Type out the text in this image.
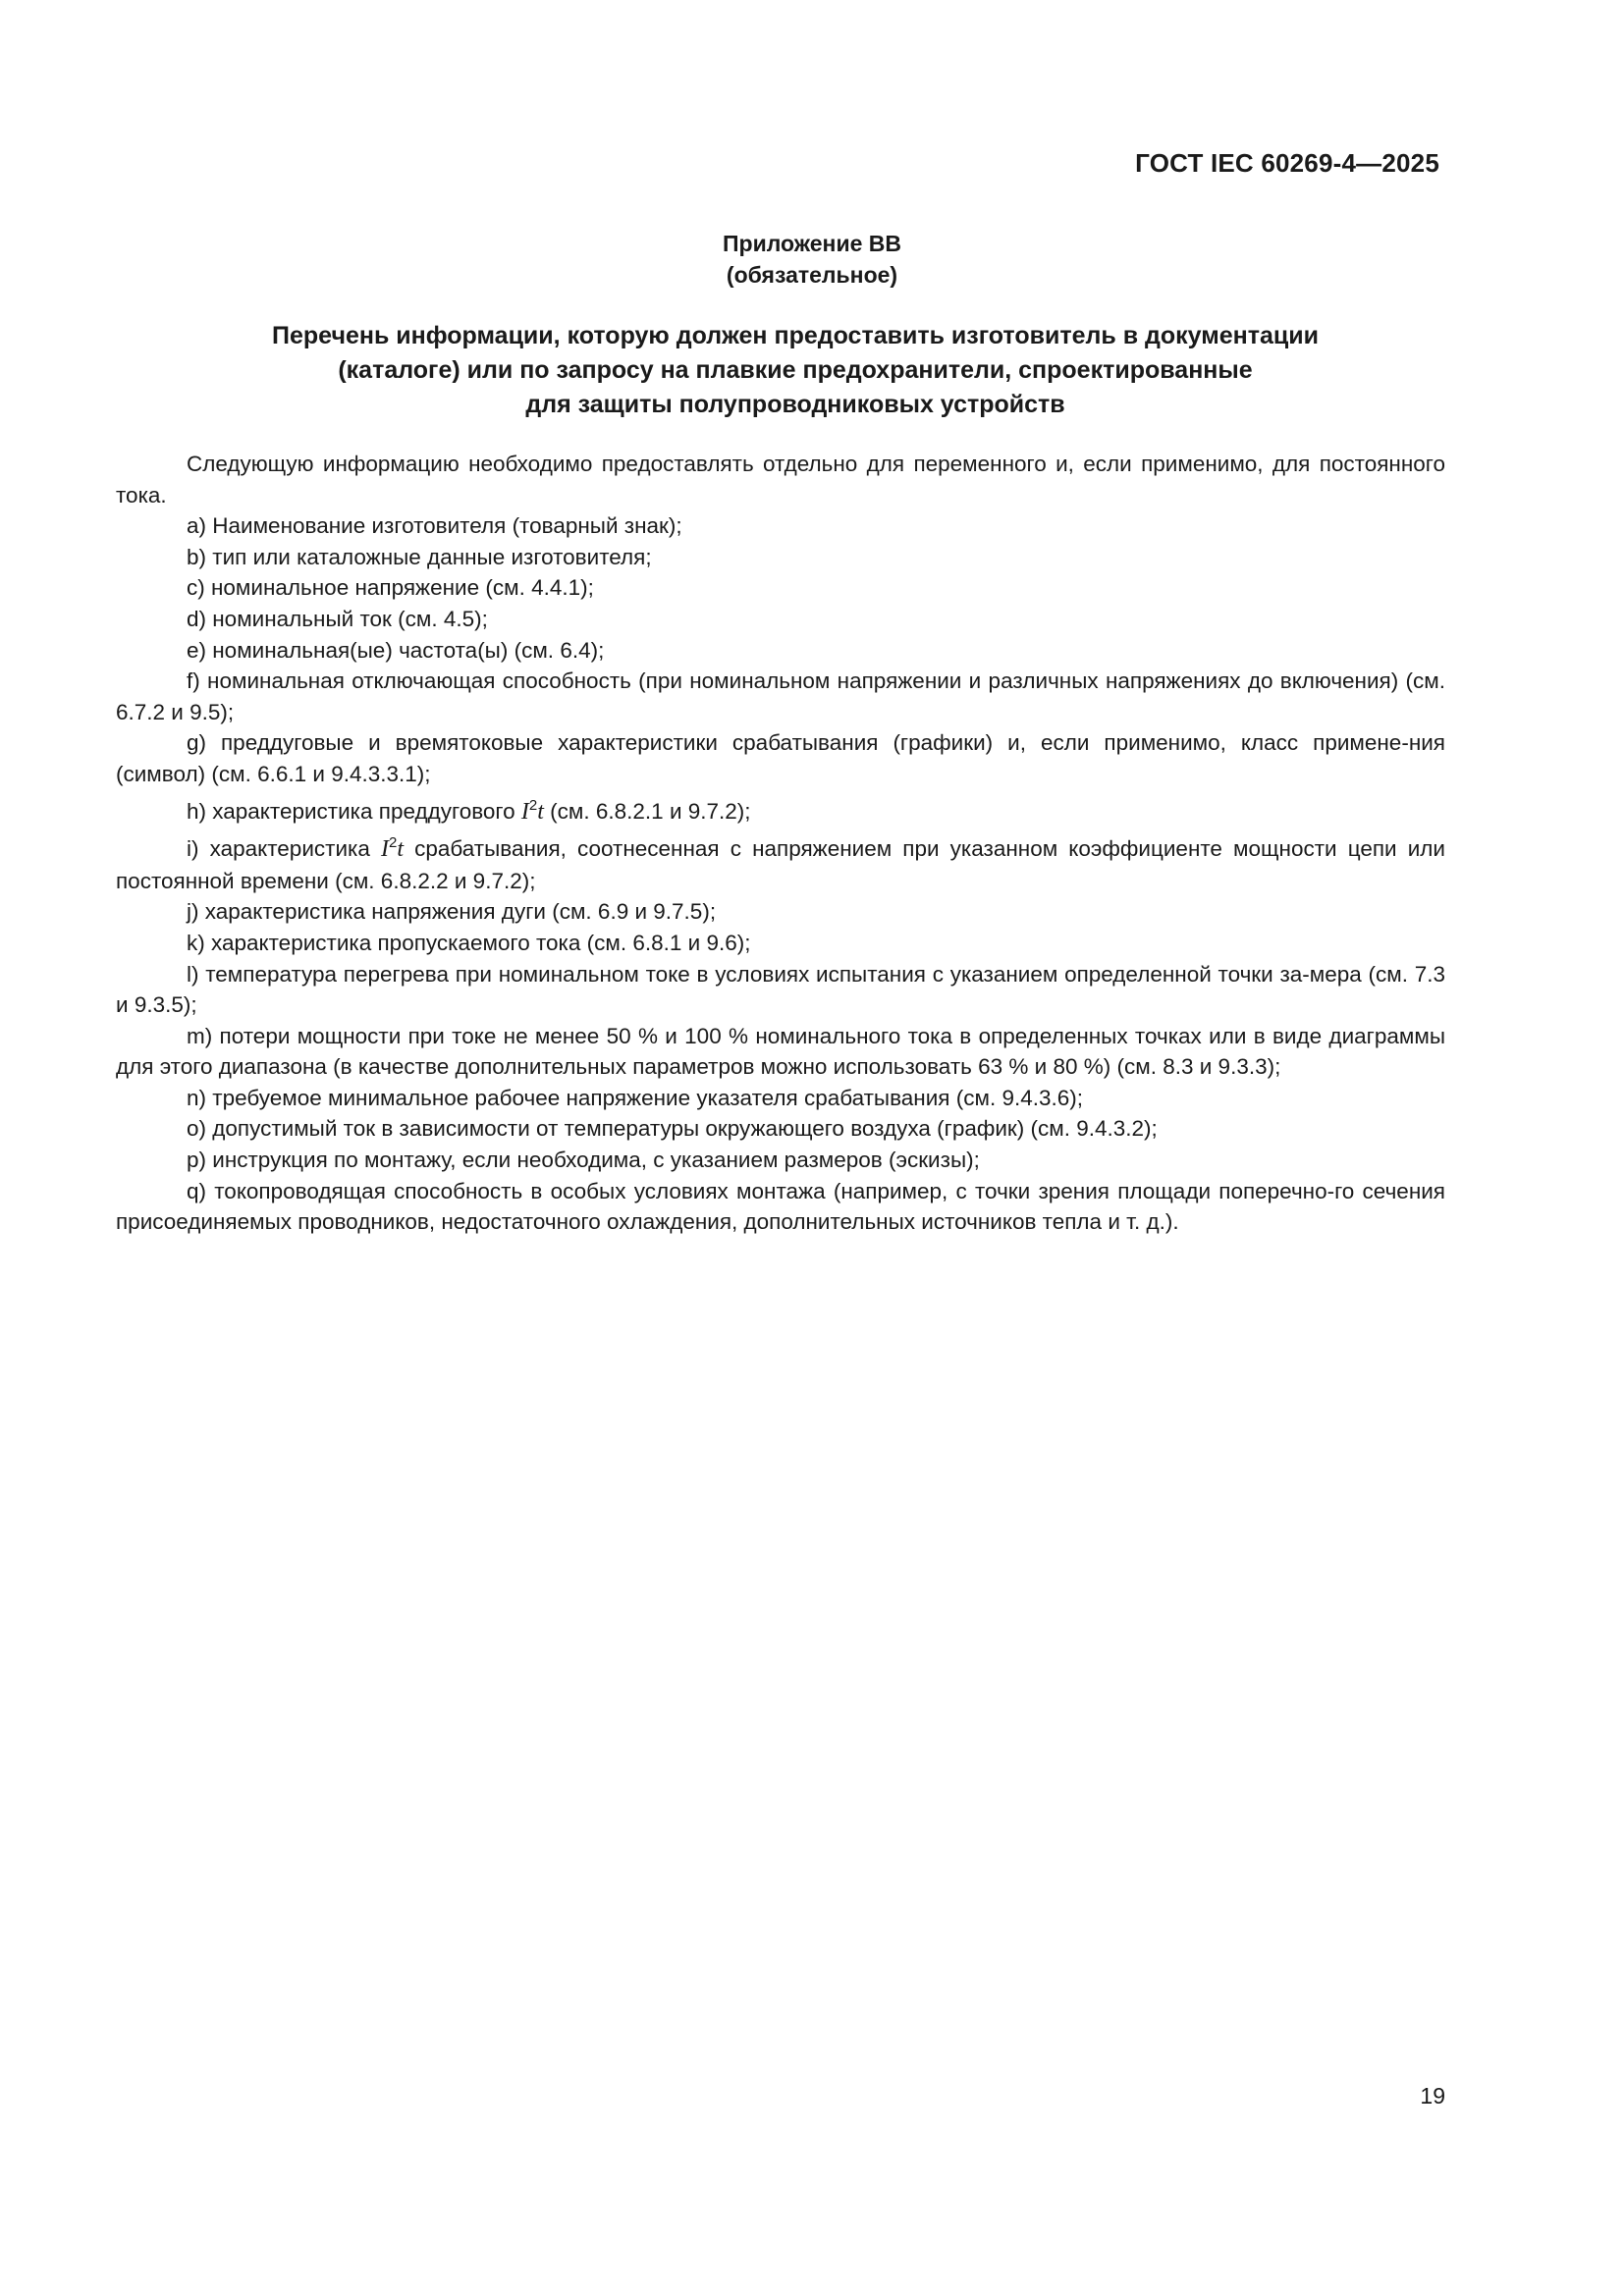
ГОСТ IEC 60269-4—2025
Приложение ВВ
(обязательное)
Перечень информации, которую должен предоставить изготовитель в документации
(каталоге) или по запросу на плавкие предохранители, спроектированные
для защиты полупроводниковых устройств

Следующую информацию необходимо предоставлять отдельно для переменного и, если применимо, для постоянного тока.

a) Наименование изготовителя (товарный знак);

b) тип или каталожные данные изготовителя;

c) номинальное напряжение (см. 4.4.1);

d) номинальный ток (см. 4.5);

e) номинальная(ые) частота(ы) (см. 6.4);

f) номинальная отключающая способность (при номинальном напряжении и различных напряжениях до включения) (см. 6.7.2 и 9.5);

g) преддуговые и времятоковые характеристики срабатывания (графики) и, если применимо, класс примене-ния (символ) (см. 6.6.1 и 9.4.3.3.1);

h) характеристика преддугового $I^2t$ (см. 6.8.2.1 и 9.7.2);

i) характеристика $I^2t$ срабатывания, соотнесенная с напряжением при указанном коэффициенте мощности цепи или постоянной времени (см. 6.8.2.2 и 9.7.2);

j) характеристика напряжения дуги (см. 6.9 и 9.7.5);

k) характеристика пропускаемого тока (см. 6.8.1 и 9.6);

l) температура перегрева при номинальном токе в условиях испытания с указанием определенной точки за-мера (см. 7.3 и 9.3.5);

m) потери мощности при токе не менее 50 % и 100 % номинального тока в определенных точках или в виде диаграммы для этого диапазона (в качестве дополнительных параметров можно использовать 63 % и 80 %) (см. 8.3 и 9.3.3);

n) требуемое минимальное рабочее напряжение указателя срабатывания (см. 9.4.3.6);

o) допустимый ток в зависимости от температуры окружающего воздуха (график) (см. 9.4.3.2);

p) инструкция по монтажу, если необходима, с указанием размеров (эскизы);

q) токопроводящая способность в особых условиях монтажа (например, с точки зрения площади поперечно-го сечения присоединяемых проводников, недостаточного охлаждения, дополнительных источников тепла и т. д.).

19
